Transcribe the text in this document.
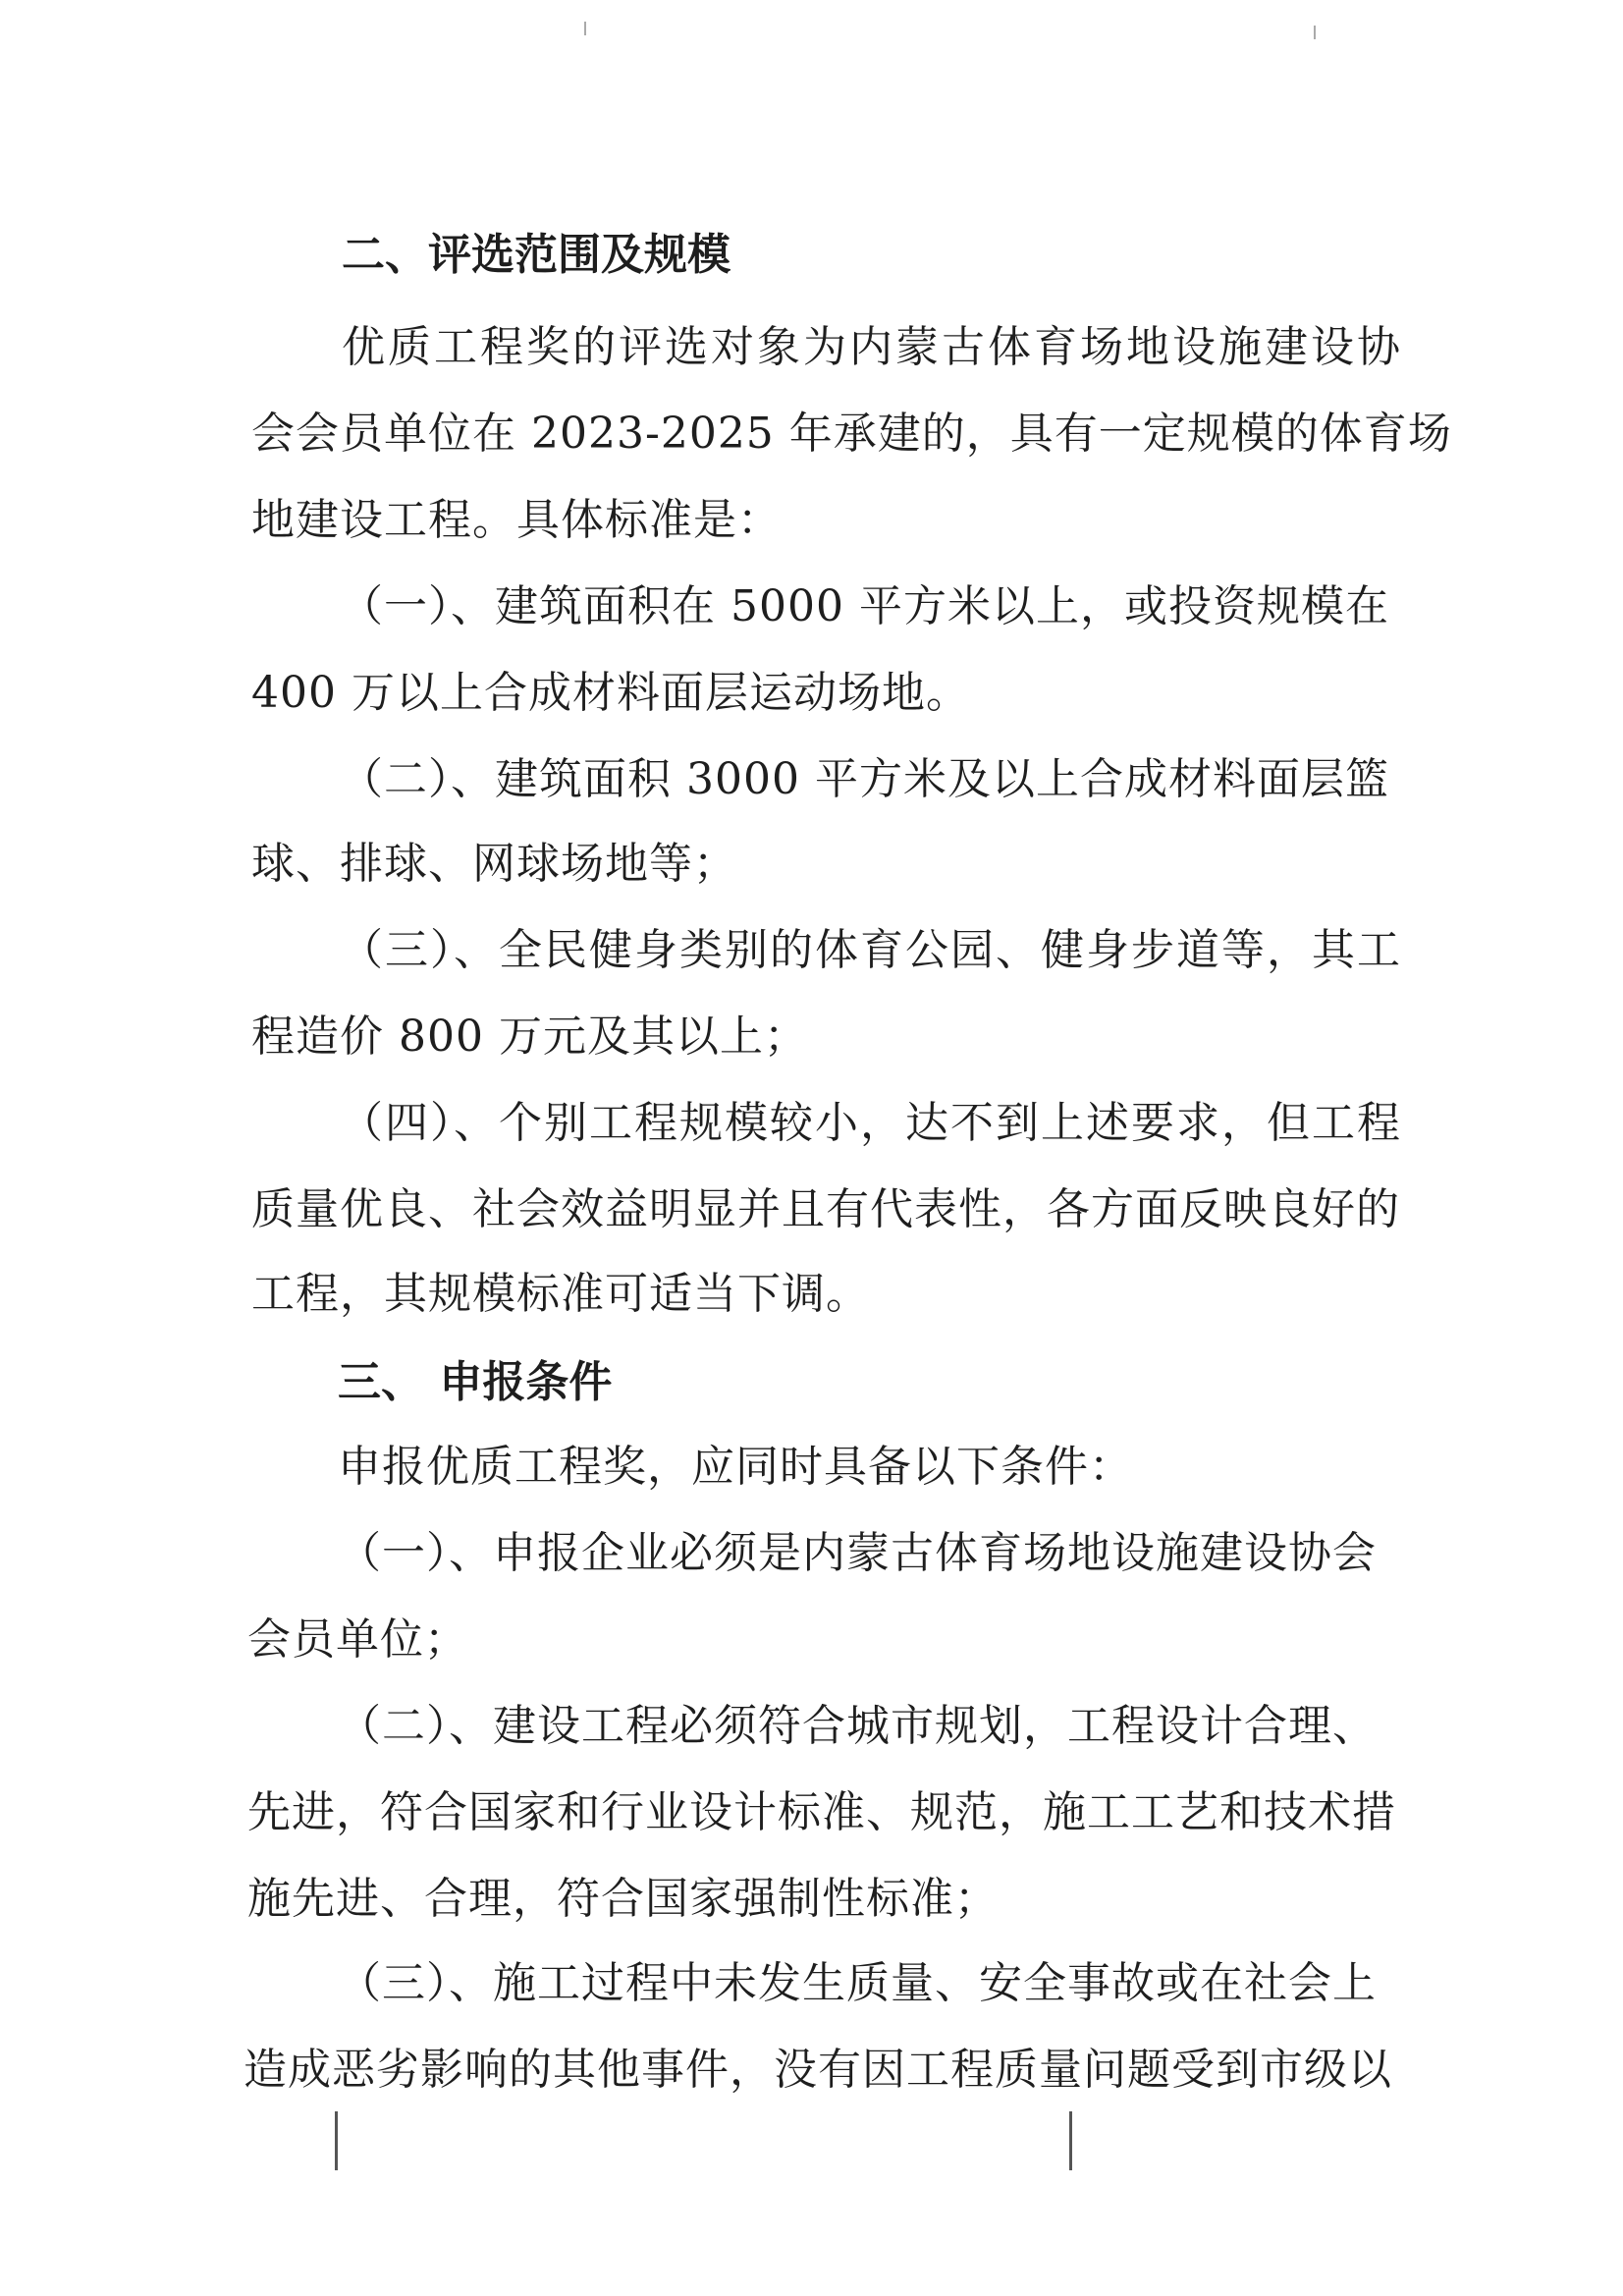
二、评选范围及规模
优质工程奖的评选对象为内蒙古体育场地设施建设协
会会员单位在 2023-2025 年承建的，具有一定规模的体育场
地建设工程。具体标准是：
（一）、建筑面积在 5000 平方米以上，或投资规模在
400 万以上合成材料面层运动场地。
（二）、建筑面积 3000 平方米及以上合成材料面层篮
球、排球、网球场地等；
（三）、全民健身类别的体育公园、健身步道等，其工
程造价 800 万元及其以上；
（四）、个别工程规模较小，达不到上述要求，但工程
质量优良、社会效益明显并且有代表性，各方面反映良好的
工程，其规模标准可适当下调。
三、 申报条件
申报优质工程奖，应同时具备以下条件：
（一）、申报企业必须是内蒙古体育场地设施建设协会
会员单位；
（二）、建设工程必须符合城市规划，工程设计合理、
先进，符合国家和行业设计标准、规范，施工工艺和技术措
施先进、合理，符合国家强制性标准；
（三）、施工过程中未发生质量、安全事故或在社会上
造成恶劣影响的其他事件，没有因工程质量问题受到市级以
